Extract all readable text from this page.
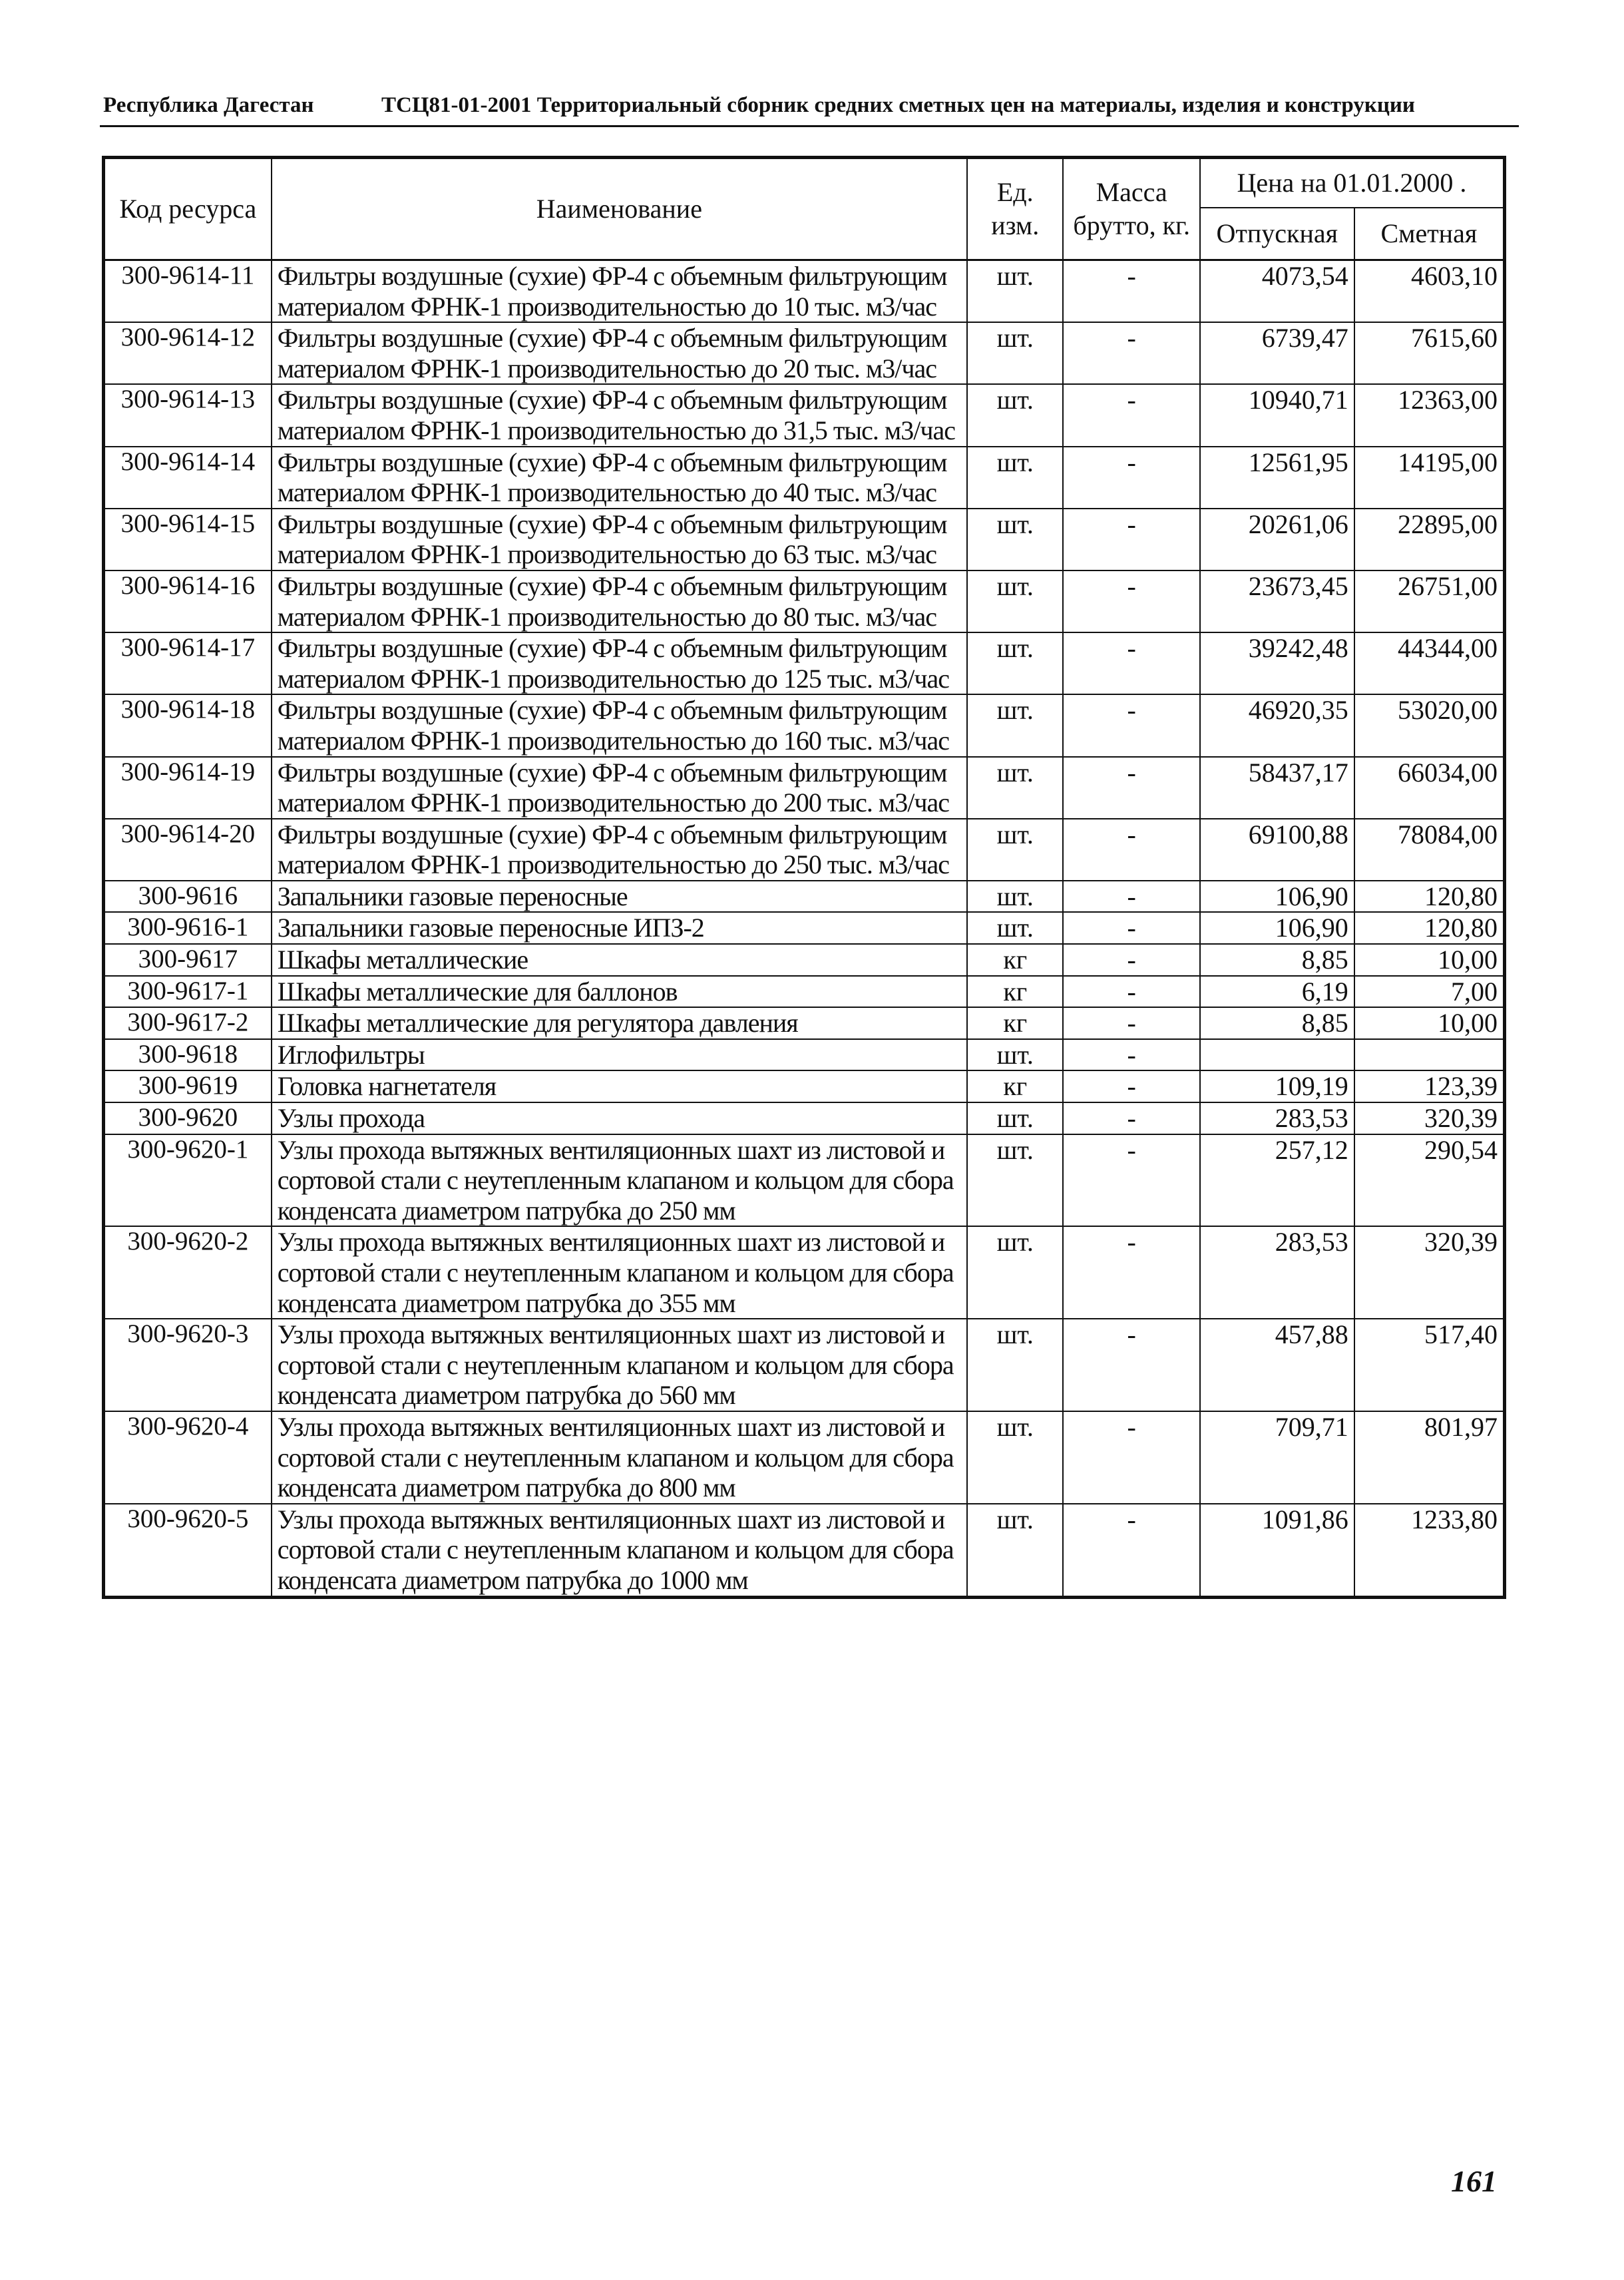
Республика Дагестан	ТСЦ81-01-2001 Территориальный сборник средних сметных цен на материалы, изделия и конструкции
Код ресурса	Наименование	Ед. изм.	Масса брутто, кг.	Цена на 01.01.2000 .	
				Отпускная	Сметная
300-9614-11	Фильтры воздушные (сухие) ФР-4 с объемным фильтрующим материалом ФРНК-1 производительностью до 10 тыс. м3/час	шт.	-	4073,54	4603,10
300-9614-12	Фильтры воздушные (сухие) ФР-4 с объемным фильтрующим материалом ФРНК-1 производительностью до 20 тыс. м3/час	шт.	-	6739,47	7615,60
300-9614-13	Фильтры воздушные (сухие) ФР-4 с объемным фильтрующим материалом ФРНК-1 производительностью до 31,5 тыс. м3/час	шт.	-	10940,71	12363,00
300-9614-14	Фильтры воздушные (сухие) ФР-4 с объемным фильтрующим материалом ФРНК-1 производительностью до 40 тыс. м3/час	шт.	-	12561,95	14195,00
300-9614-15	Фильтры воздушные (сухие) ФР-4 с объемным фильтрующим материалом ФРНК-1 производительностью до 63 тыс. м3/час	шт.	-	20261,06	22895,00
300-9614-16	Фильтры воздушные (сухие) ФР-4 с объемным фильтрующим материалом ФРНК-1 производительностью до 80 тыс. м3/час	шт.	-	23673,45	26751,00
300-9614-17	Фильтры воздушные (сухие) ФР-4 с объемным фильтрующим материалом ФРНК-1 производительностью до 125 тыс. м3/час	шт.	-	39242,48	44344,00
300-9614-18	Фильтры воздушные (сухие) ФР-4 с объемным фильтрующим материалом ФРНК-1 производительностью до 160 тыс. м3/час	шт.	-	46920,35	53020,00
300-9614-19	Фильтры воздушные (сухие) ФР-4 с объемным фильтрующим материалом ФРНК-1 производительностью до 200 тыс. м3/час	шт.	-	58437,17	66034,00
300-9614-20	Фильтры воздушные (сухие) ФР-4 с объемным фильтрующим материалом ФРНК-1 производительностью до 250 тыс. м3/час	шт.	-	69100,88	78084,00
300-9616	Запальники газовые переносные	шт.	-	106,90	120,80
300-9616-1	Запальники газовые переносные ИПЗ-2	шт.	-	106,90	120,80
300-9617	Шкафы металлические	кг	-	8,85	10,00
300-9617-1	Шкафы металлические для баллонов	кг	-	6,19	7,00
300-9617-2	Шкафы металлические для регулятора давления	кг	-	8,85	10,00
300-9618	Иглофильтры	шт.	-		
300-9619	Головка нагнетателя	кг	-	109,19	123,39
300-9620	Узлы прохода	шт.	-	283,53	320,39
300-9620-1	Узлы прохода вытяжных вентиляционных шахт из листовой и сортовой стали с неутепленным клапаном и кольцом для сбора конденсата диаметром патрубка до 250 мм	шт.	-	257,12	290,54
300-9620-2	Узлы прохода вытяжных вентиляционных шахт из листовой и сортовой стали с неутепленным клапаном и кольцом для сбора конденсата диаметром патрубка до 355 мм	шт.	-	283,53	320,39
300-9620-3	Узлы прохода вытяжных вентиляционных шахт из листовой и сортовой стали с неутепленным клапаном и кольцом для сбора конденсата диаметром патрубка до 560 мм	шт.	-	457,88	517,40
300-9620-4	Узлы прохода вытяжных вентиляционных шахт из листовой и сортовой стали с неутепленным клапаном и кольцом для сбора конденсата диаметром патрубка до 800 мм	шт.	-	709,71	801,97
300-9620-5	Узлы прохода вытяжных вентиляционных шахт из листовой и сортовой стали с неутепленным клапаном и кольцом для сбора конденсата диаметром патрубка до 1000 мм	шт.	-	1091,86	1233,80
161
